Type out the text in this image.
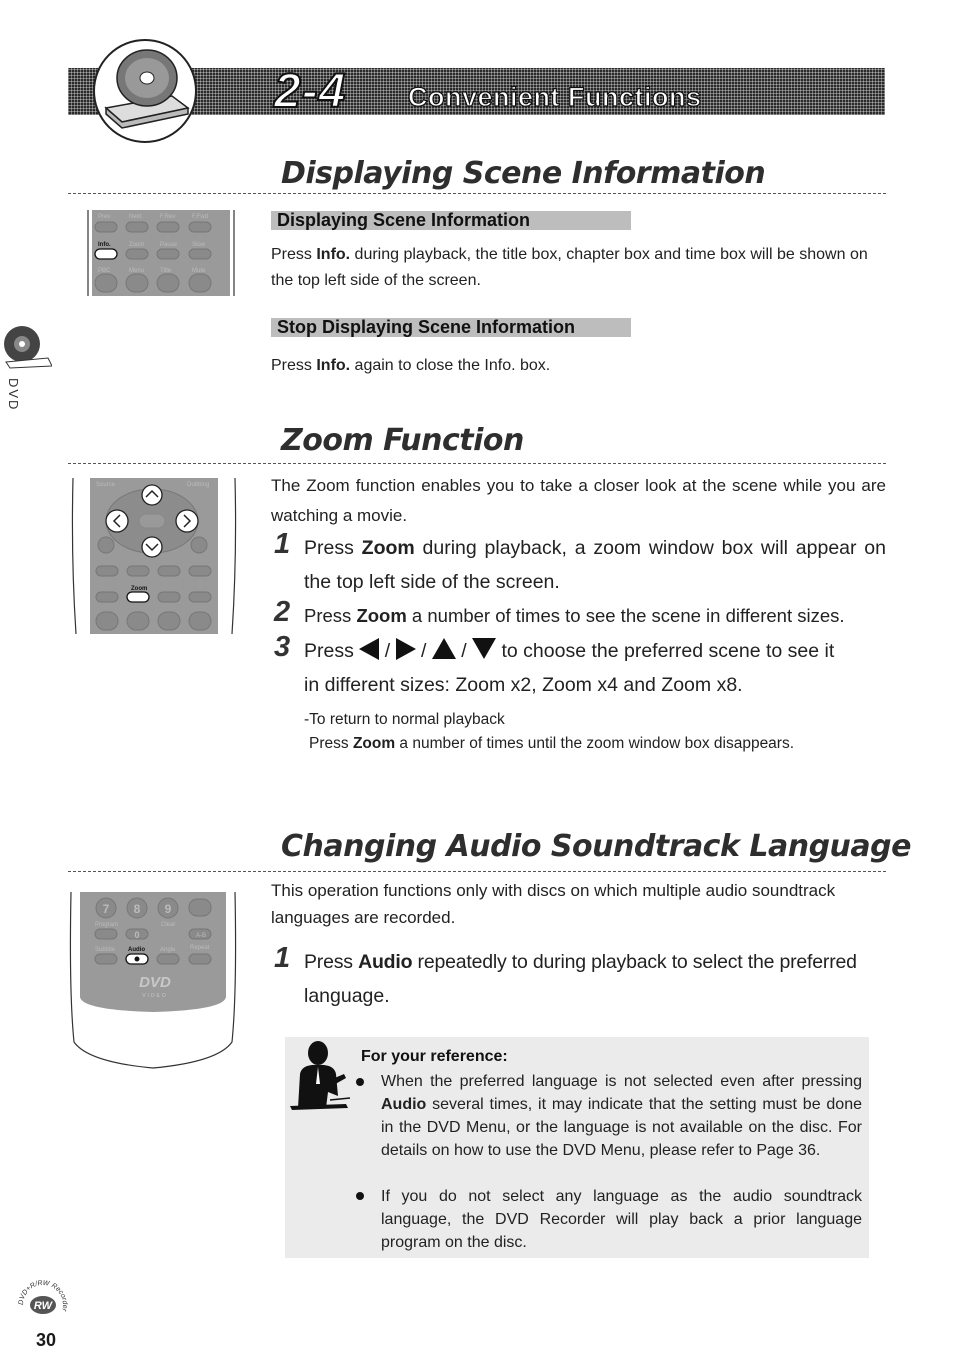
2-4 Convenient Functions
DVD
Displaying Scene Information
Prev	Next	F.Rev	F.Fwd
Info.	Zoom	Pause Slow
PBC	Menu	Title	Mute
Displaying Scene Information
Press Info. during playback, the title box, chapter box and time box will be shown on the top left side of the screen.
Stop Displaying Scene Information
Press Info. again to close the Info. box.
Zoom Function
Source	Dubbing
Zoom
The Zoom function enables you to take a closer look at the scene while you are watching a movie.
1 Press Zoom during playback, a zoom window box will appear on the top left side of the screen.
2 Press Zoom a number of times to see the scene in different sizes.
3 Press  / / /  to choose the preferred scene to see it
in different sizes: Zoom x2, Zoom x4 and Zoom x8.
-To return to normal playback
Press Zoom a number of times until the zoom window box disappears.
Changing Audio Soundtrack Language
7 8 9
0
Program	Clear
A-B
Subtitle Audio	Angle Repeat
DVD
VIDEO
This operation functions only with discs on which multiple audio soundtrack languages are recorded.
1 Press Audio repeatedly to during playback to select the preferred
language.
For your reference:
When the preferred language is not selected even after pressing Audio several times, it may indicate that the setting must be done in the DVD Menu, or the language is not available on the disc. For details on how to use the DVD Menu, please refer to Page 36.
If you do not select any language as the audio soundtrack language, the DVD Recorder will play back a prior language program on the disc.
DVD+R/RW Recorder
RW
30
